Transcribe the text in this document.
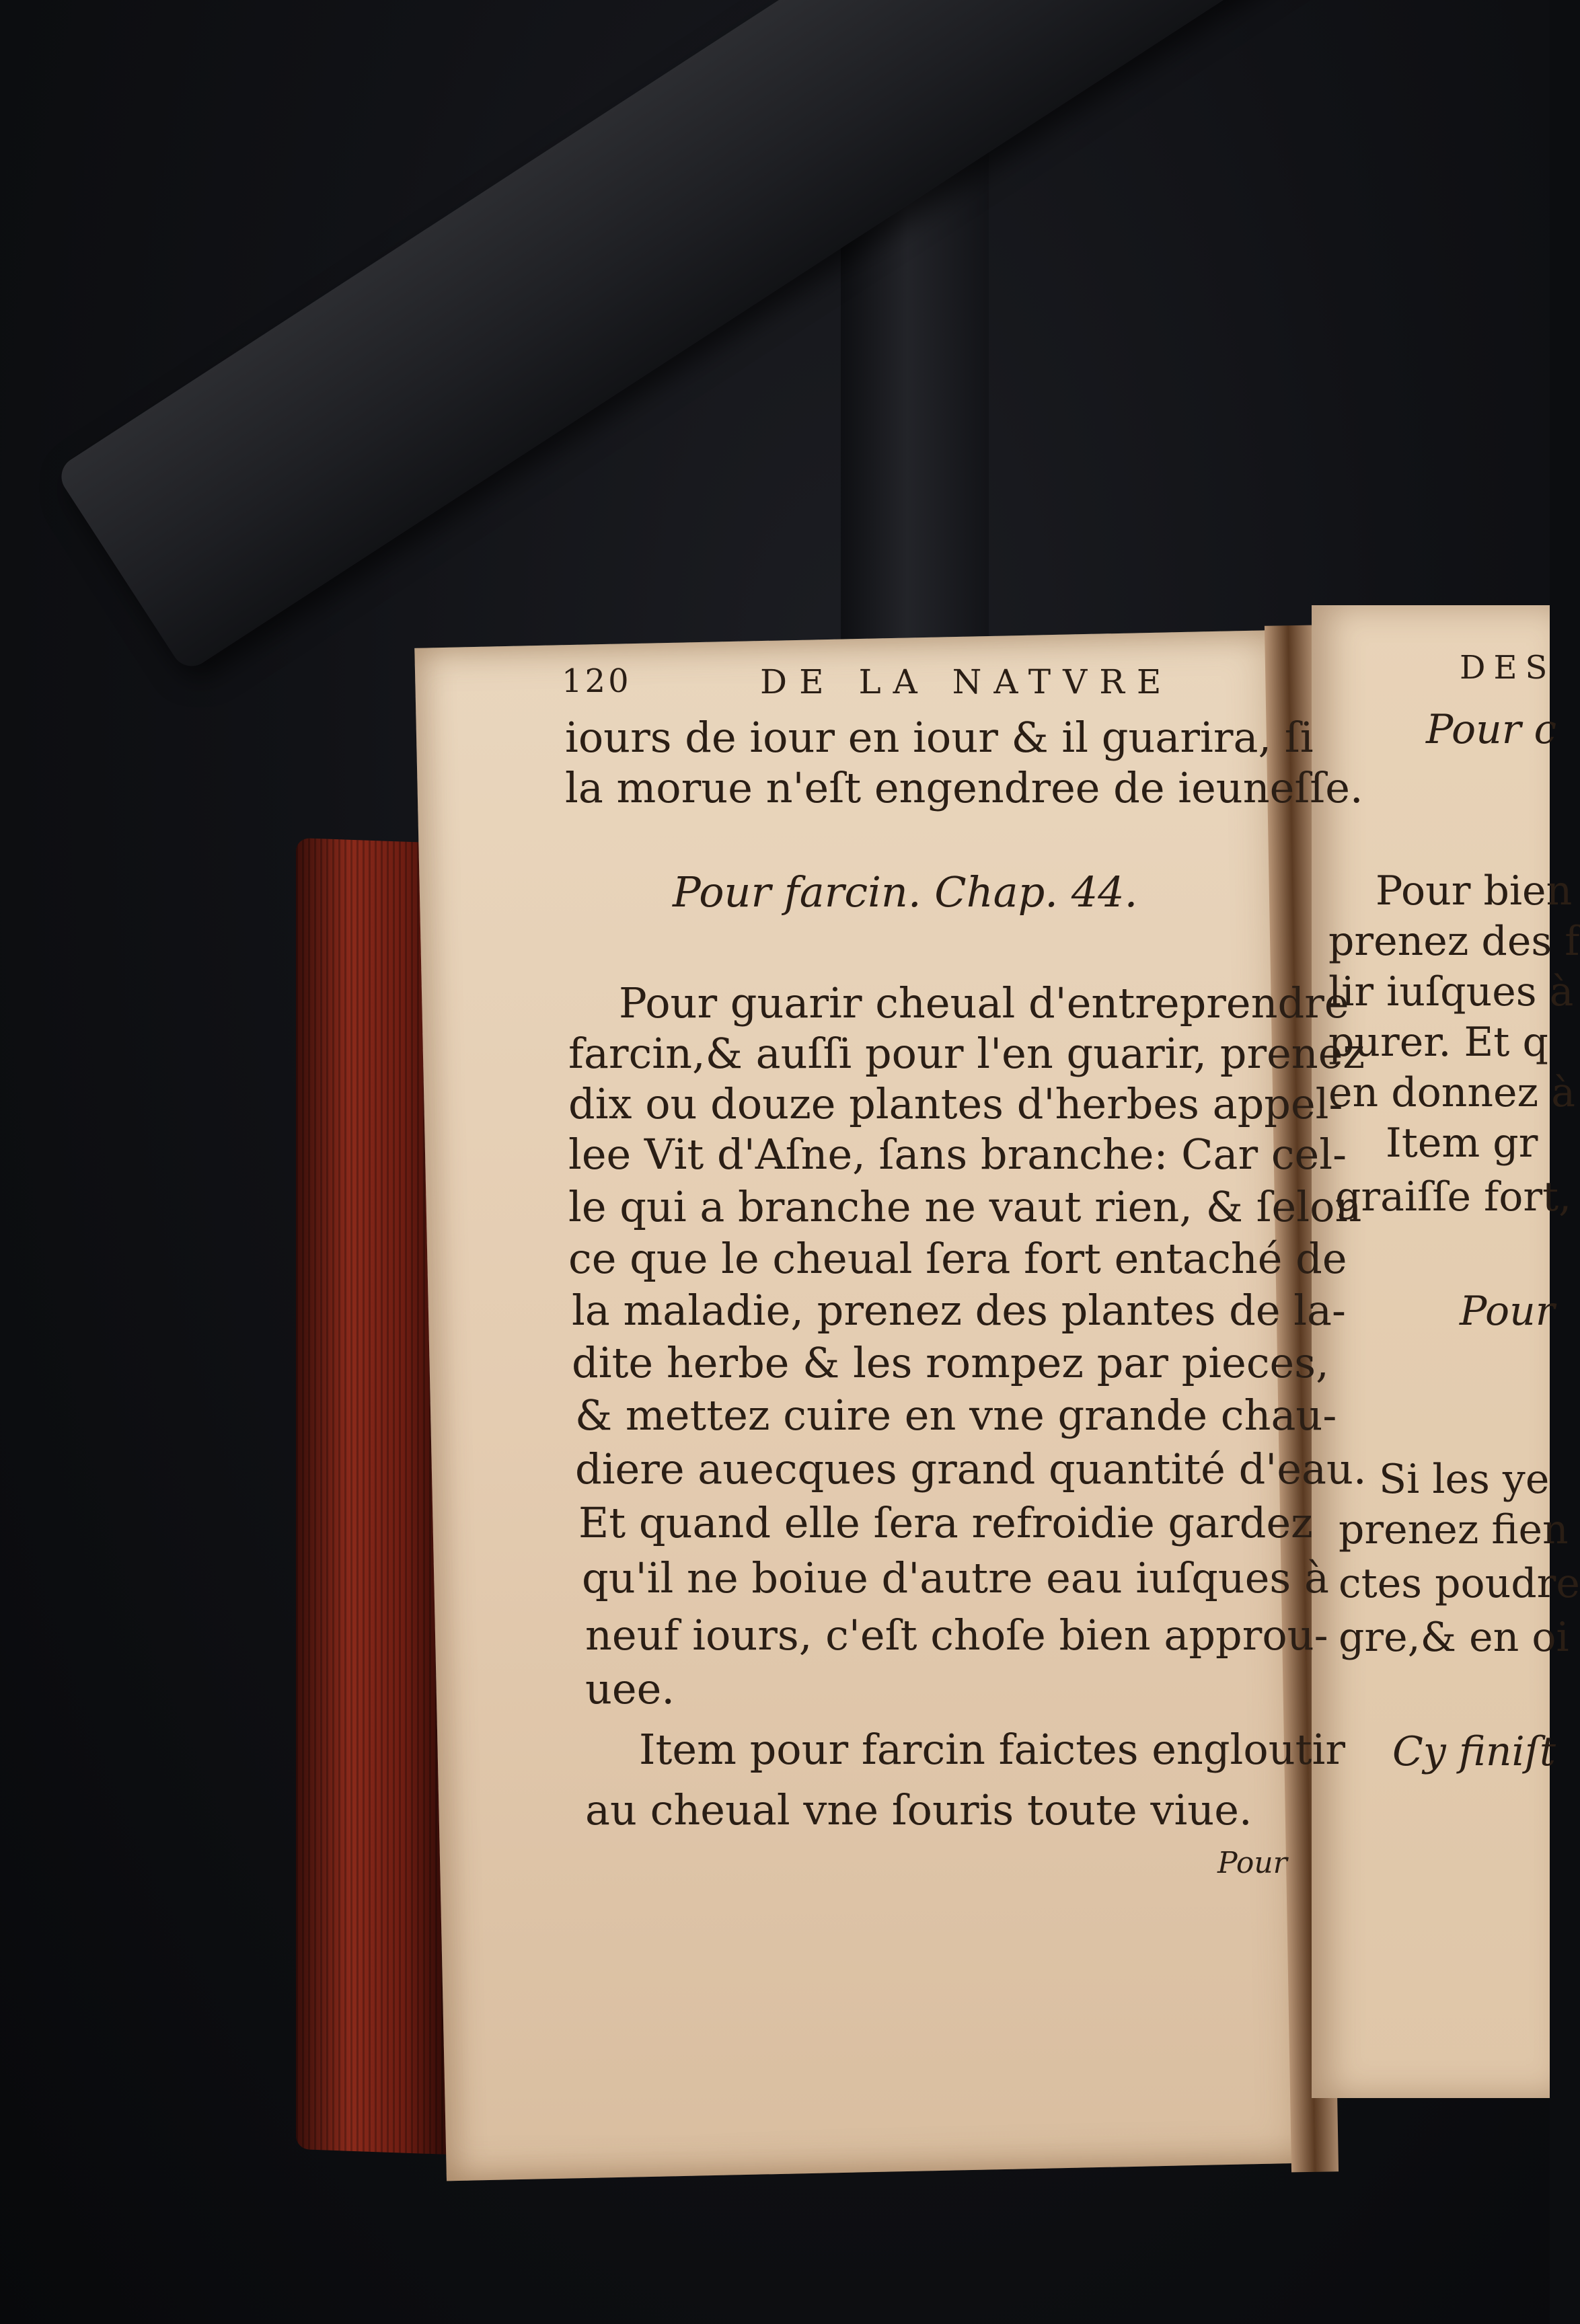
120	DE LA NATVRE
iours de iour en iour & il guarira, ſi
la morue n'eſt engendree de ieuneſſe.
Pour farcin. Chap. 44.
Pour guarir cheual d'entreprendre
farcin,& auſſi pour l'en guarir, prenez
dix ou douze plantes d'herbes appel-
lee Vit d'Aſne, ſans branche: Car cel-
le qui a branche ne vaut rien, & ſelon
ce que le cheual ſera fort entaché de
la maladie, prenez des plantes de la-
dite herbe & les rompez par pieces,
& mettez cuire en vne grande chau-
diere auecques grand quantité d'eau.
Et quand elle ſera refroidie gardez
qu'il ne boiue d'autre eau iuſques à
neuf iours, c'eſt choſe bien approu-
uee.
Item pour farcin faictes engloutir
au cheual vne ſouris toute viue.
Pour
DES
Pour c
Pour bien
prenez des f
lir iuſques à
purer. Et q
en donnez à
Item gr
graiſſe fort,
Pour
Si les ye
prenez fien
ctes poudre
gre,& en oi
Cy finiſt
